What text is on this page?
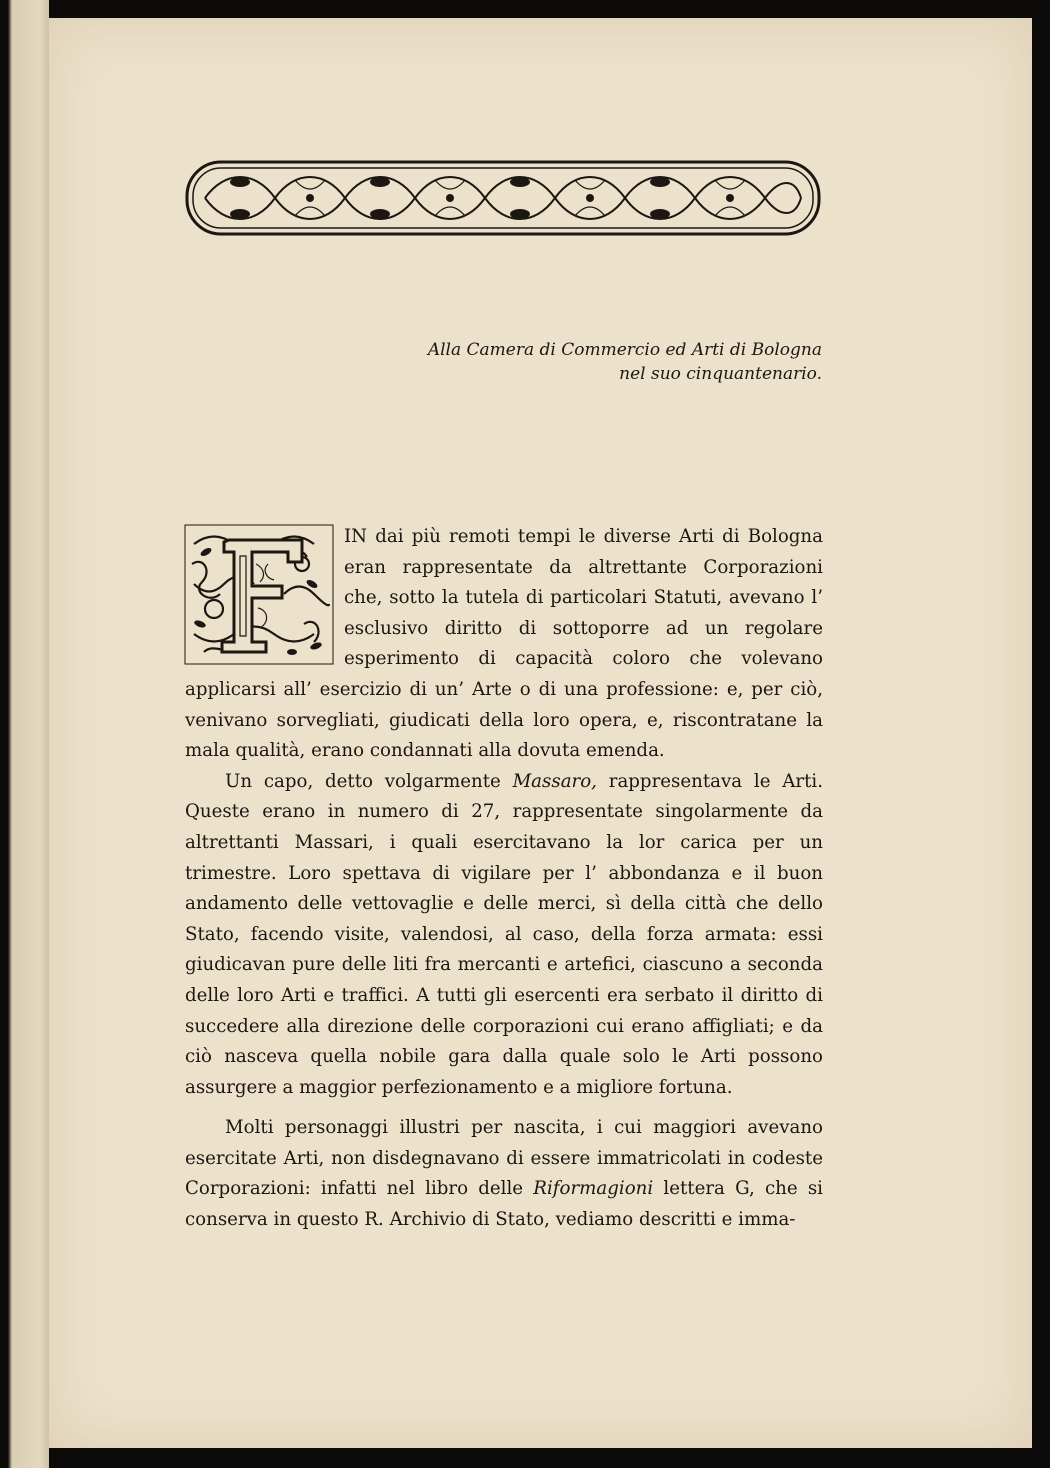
Alla Camera di Commercio ed Arti di Bologna
nel suo cinquantenario.

IN dai più remoti tempi le diverse Arti di Bologna eran rappresentate da altrettante Corporazioni che, sotto la tutela di particolari Statuti, avevano l’ esclusivo diritto di sottoporre ad un regolare esperimento di capacità coloro che volevano applicarsi all’ esercizio di un’ Arte o di una professione: e, per ciò, venivano sorvegliati, giudicati della loro opera, e, riscontratane la mala qualità, erano condannati alla dovuta emenda.

Un capo, detto volgarmente Massaro, rappresentava le Arti. Queste erano in numero di 27, rappresentate singolarmente da altrettanti Massari, i quali esercitavano la lor carica per un trimestre. Loro spettava di vigilare per l’ abbondanza e il buon andamento delle vettovaglie e delle merci, sì della città che dello Stato, facendo visite, valendosi, al caso, della forza armata: essi giudicavan pure delle liti fra mercanti e artefici, ciascuno a seconda delle loro Arti e traffici. A tutti gli esercenti era serbato il diritto di succedere alla direzione delle corporazioni cui erano affigliati; e da ciò nasceva quella nobile gara dalla quale solo le Arti possono assurgere a maggior perfezionamento e a migliore fortuna.

Molti personaggi illustri per nascita, i cui maggiori avevano esercitate Arti, non disdegnavano di essere immatricolati in codeste Corporazioni: infatti nel libro delle Riformagioni lettera G, che si conserva in questo R. Archivio di Stato, vediamo descritti e imma-
